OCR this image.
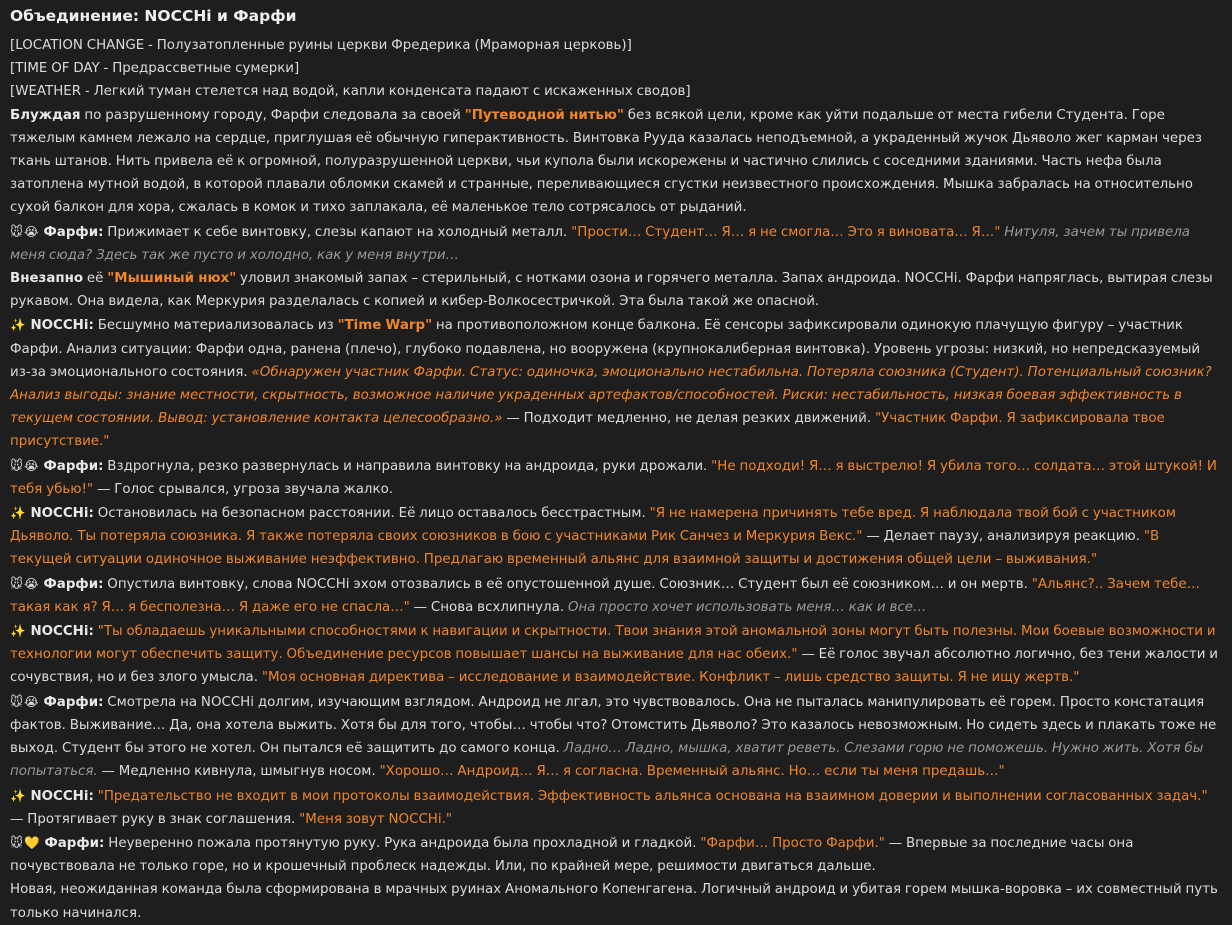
Объединение: NOCCHi и Фарфи

[LOCATION CHANGE - Полузатопленные руины церкви Фредерика (Мраморная церковь)]

[TIME OF DAY - Предрассветные сумерки]

[WEATHER - Легкий туман стелется над водой, капли конденсата падают с искаженных сводов]

Блуждая по разрушенному городу, Фарфи следовала за своей "Путеводной нитью" без всякой цели, кроме как уйти подальше от места гибели Студента. Горе тяжелым камнем лежало на сердце, приглушая её обычную гиперактивность. Винтовка Рууда казалась неподъемной, а украденный жучок Дьяволо жег карман через ткань штанов. Нить привела её к огромной, полуразрушенной церкви, чьи купола были искорежены и частично слились с соседними зданиями. Часть нефа была затоплена мутной водой, в которой плавали обломки скамей и странные, переливающиеся сгустки неизвестного происхождения. Мышка забралась на относительно сухой балкон для хора, сжалась в комок и тихо заплакала, её маленькое тело сотрясалось от рыданий.

🐭😭 Фарфи: Прижимает к себе винтовку, слезы капают на холодный металл. "Прости… Студент… Я… я не смогла… Это я виновата… Я…" Нитуля, зачем ты привела меня сюда? Здесь так же пусто и холодно, как у меня внутри…

Внезапно её "Мышиный нюх" уловил знакомый запах – стерильный, с нотками озона и горячего металла. Запах андроида. NOCCHi. Фарфи напряглась, вытирая слезы рукавом. Она видела, как Меркурия разделалась с копией и кибер-Волкосестричкой. Эта была такой же опасной.

✨ NOCCHi: Бесшумно материализовалась из "Time Warp" на противоположном конце балкона. Её сенсоры зафиксировали одинокую плачущую фигуру – участник Фарфи. Анализ ситуации: Фарфи одна, ранена (плечо), глубоко подавлена, но вооружена (крупнокалиберная винтовка). Уровень угрозы: низкий, но непредсказуемый из-за эмоционального состояния. «Обнаружен участник Фарфи. Статус: одиночка, эмоционально нестабильна. Потеряла союзника (Студент). Потенциальный союзник? Анализ выгоды: знание местности, скрытность, возможное наличие украденных артефактов/способностей. Риски: нестабильность, низкая боевая эффективность в текущем состоянии. Вывод: установление контакта целесообразно.» — Подходит медленно, не делая резких движений. "Участник Фарфи. Я зафиксировала твое присутствие."

🐭😭 Фарфи: Вздрогнула, резко развернулась и направила винтовку на андроида, руки дрожали. "Не подходи! Я… я выстрелю! Я убила того… солдата… этой штукой! И тебя убью!" — Голос срывался, угроза звучала жалко.

✨ NOCCHi: Остановилась на безопасном расстоянии. Её лицо оставалось бесстрастным. "Я не намерена причинять тебе вред. Я наблюдала твой бой с участником Дьяволо. Ты потеряла союзника. Я также потеряла своих союзников в бою с участниками Рик Санчез и Меркурия Векс." — Делает паузу, анализируя реакцию. "В текущей ситуации одиночное выживание неэффективно. Предлагаю временный альянс для взаимной защиты и достижения общей цели – выживания."

🐭😭 Фарфи: Опустила винтовку, слова NOCCHi эхом отозвались в её опустошенной душе. Союзник… Студент был её союзником… и он мертв. "Альянс?.. Зачем тебе… такая как я? Я… я бесполезна… Я даже его не спасла…" — Снова всхлипнула. Она просто хочет использовать меня… как и все…

✨ NOCCHi: "Ты обладаешь уникальными способностями к навигации и скрытности. Твои знания этой аномальной зоны могут быть полезны. Мои боевые возможности и технологии могут обеспечить защиту. Объединение ресурсов повышает шансы на выживание для нас обеих." — Её голос звучал абсолютно логично, без тени жалости и сочувствия, но и без злого умысла. "Моя основная директива – исследование и взаимодействие. Конфликт – лишь средство защиты. Я не ищу жертв."

🐭😭 Фарфи: Смотрела на NOCCHi долгим, изучающим взглядом. Андроид не лгал, это чувствовалось. Она не пыталась манипулировать её горем. Просто констатация фактов. Выживание… Да, она хотела выжить. Хотя бы для того, чтобы… чтобы что? Отомстить Дьяволо? Это казалось невозможным. Но сидеть здесь и плакать тоже не выход. Студент бы этого не хотел. Он пытался её защитить до самого конца. Ладно… Ладно, мышка, хватит реветь. Слезами горю не поможешь. Нужно жить. Хотя бы попытаться. — Медленно кивнула, шмыгнув носом. "Хорошо… Андроид… Я… я согласна. Временный альянс. Но… если ты меня предашь…"

✨ NOCCHi: "Предательство не входит в мои протоколы взаимодействия. Эффективность альянса основана на взаимном доверии и выполнении согласованных задач." — Протягивает руку в знак соглашения. "Меня зовут NOCCHi."

🐭💛 Фарфи: Неуверенно пожала протянутую руку. Рука андроида была прохладной и гладкой. "Фарфи… Просто Фарфи." — Впервые за последние часы она почувствовала не только горе, но и крошечный проблеск надежды. Или, по крайней мере, решимости двигаться дальше.

Новая, неожиданная команда была сформирована в мрачных руинах Аномального Копенгагена. Логичный андроид и убитая горем мышка-воровка – их совместный путь только начинался.
